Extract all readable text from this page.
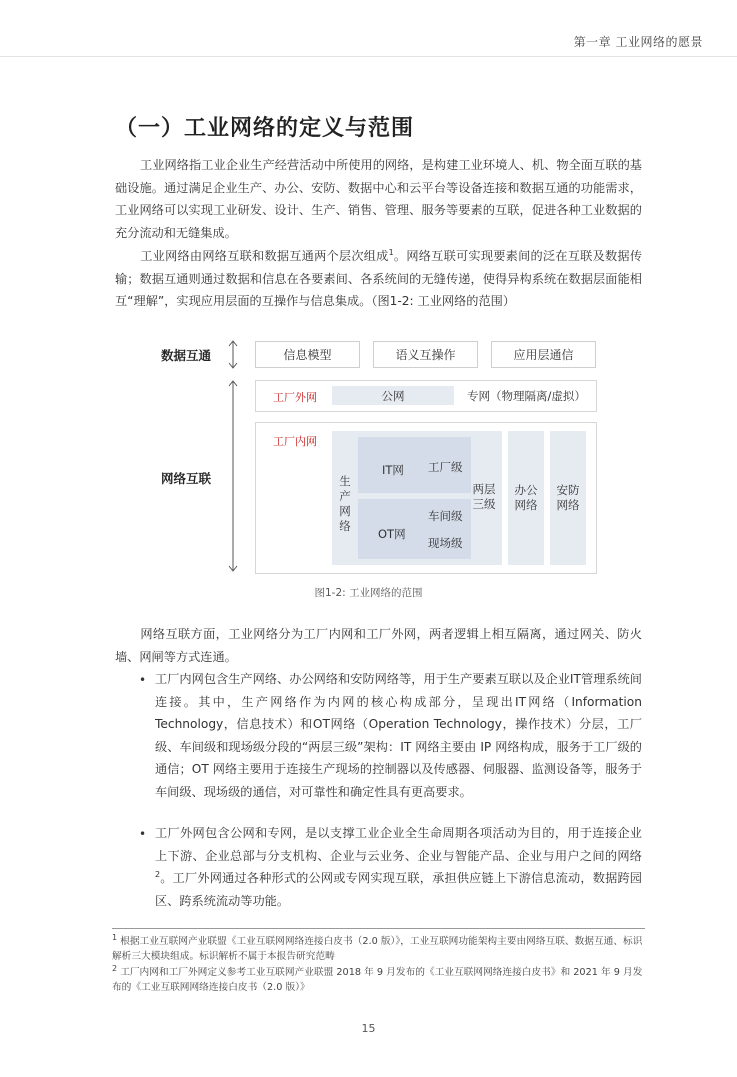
第一章 工业网络的愿景
（一）工业网络的定义与范围

工业网络指工业企业生产经营活动中所使用的网络，是构建工业环境人、机、物全面互联的基础设施。通过满足企业生产、办公、安防、数据中心和云平台等设备连接和数据互通的功能需求，工业网络可以实现工业研发、设计、生产、销售、管理、服务等要素的互联，促进各种工业数据的充分流动和无缝集成。

工业网络由网络互联和数据互通两个层次组成$^1$。网络互联可实现要素间的泛在互联及数据传输；数据互通则通过数据和信息在各要素间、各系统间的无缝传递，使得异构系统在数据层面能相互“理解”，实现应用层面的互操作与信息集成。（图1-2: 工业网络的范围）

数据互通	信息模型	语义互操作	应用层通信
网络互联
工厂外网	公网	专网（物理隔离/虚拟）
工厂内网
生产网络
IT网
OT网
工厂级
车间级
现场级
两层三级
办公网络
安防网络
图1-2: 工业网络的范围

网络互联方面，工业网络分为工厂内网和工厂外网，两者逻辑上相互隔离，通过网关、防火墙、网闸等方式连通。

• 工厂内网包含生产网络、办公网络和安防网络等，用于生产要素互联以及企业IT管理系统间连接。其中，生产网络作为内网的核心构成部分，呈现出IT网络（Information Technology，信息技术）和OT网络（Operation Technology，操作技术）分层，工厂级、车间级和现场级分段的“两层三级”架构：IT 网络主要由 IP 网络构成，服务于工厂级的通信；OT 网络主要用于连接生产现场的控制器以及传感器、伺服器、监测设备等，服务于车间级、现场级的通信，对可靠性和确定性具有更高要求。

• 工厂外网包含公网和专网，是以支撑工业企业全生命周期各项活动为目的，用于连接企业上下游、企业总部与分支机构、企业与云业务、企业与智能产品、企业与用户之间的网络$^2$。工厂外网通过各种形式的公网或专网实现互联，承担供应链上下游信息流动，数据跨园区、跨系统流动等功能。

$^1$ 根据工业互联网产业联盟《工业互联网网络连接白皮书（2.0 版）》，工业互联网功能架构主要由网络互联、数据互通、标识解析三大模块组成。标识解析不属于本报告研究范畴

$^2$ 工厂内网和工厂外网定义参考工业互联网产业联盟 2018 年 9 月发布的《工业互联网网络连接白皮书》和 2021 年 9 月发布的《工业互联网网络连接白皮书（2.0 版）》

15
